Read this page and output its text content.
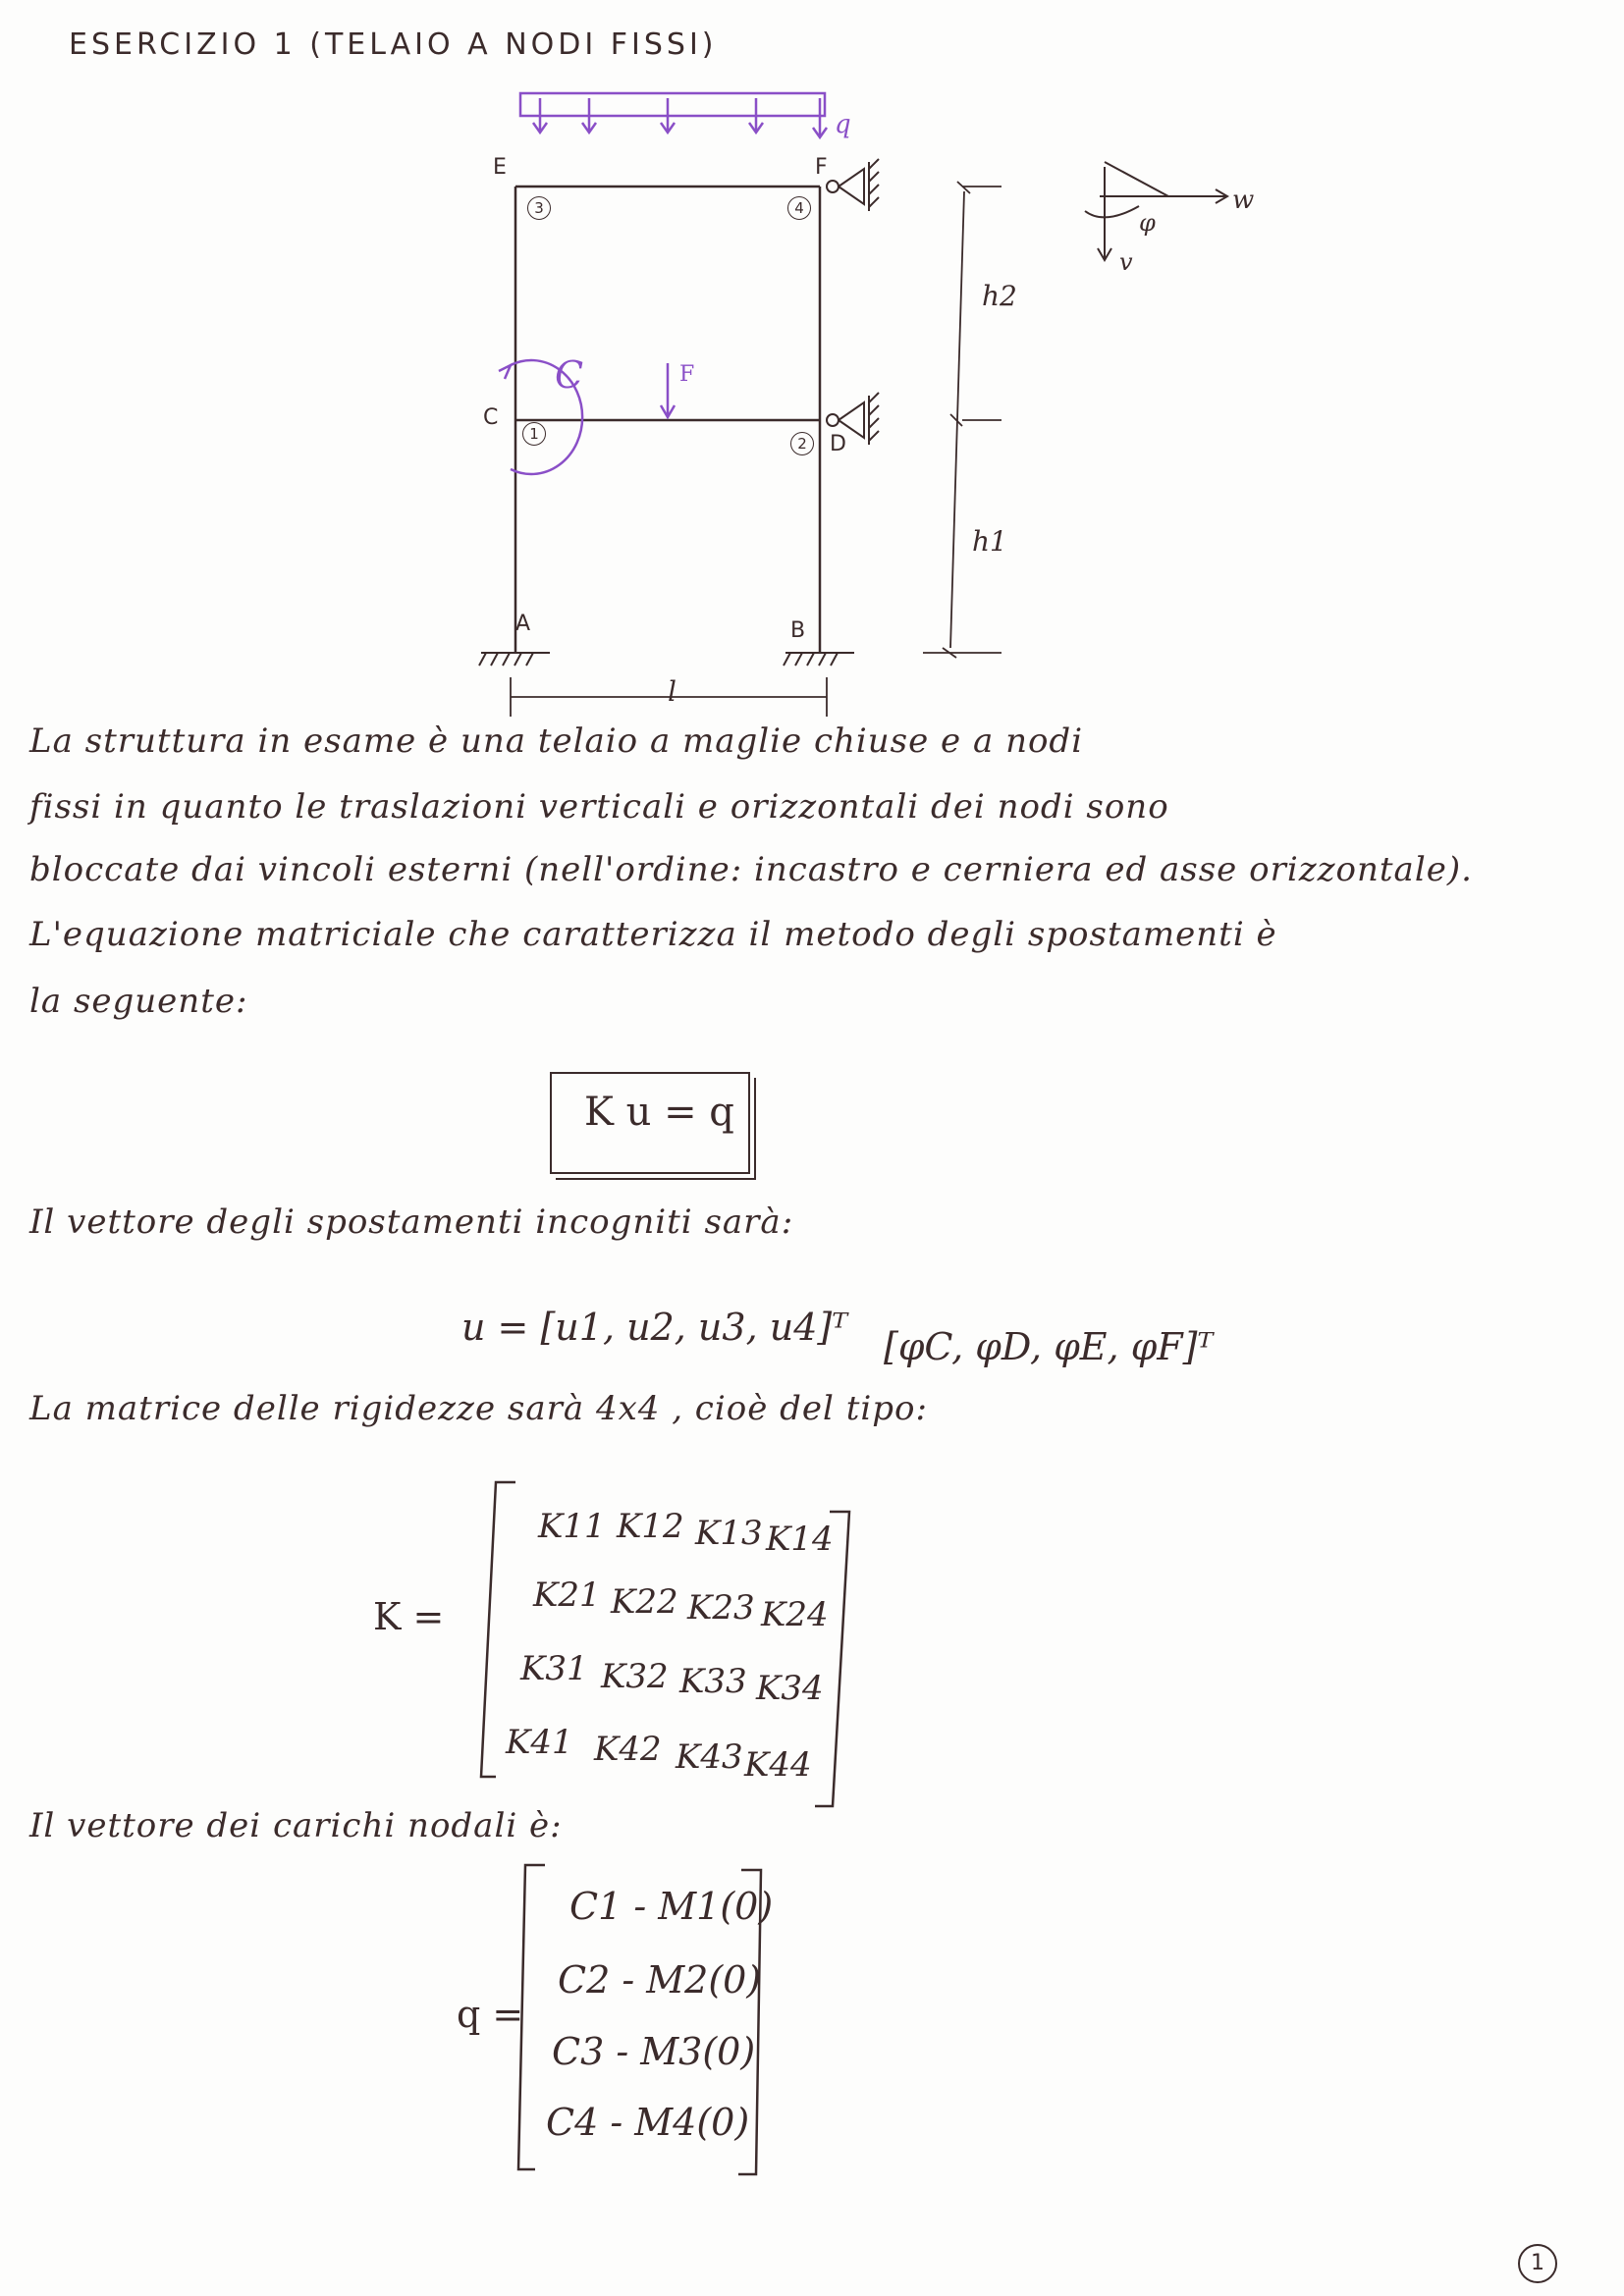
ESERCIZIO 1 (TELAIO A NODI FISSI)
q
F
C
w
v
φ
E	F
C
D
A	B
3	4
1
2
h2
h1
l
La struttura in esame è una telaio a maglie chiuse e a nodi
fissi in quanto le traslazioni verticali e orizzontali dei nodi sono
bloccate dai vincoli esterni (nell'ordine: incastro e cerniera ed asse orizzontale).
L'equazione matriciale che caratterizza il metodo degli spostamenti è
la seguente:
K u = q
Il vettore degli spostamenti incogniti sarà:
u = [u1, u2, u3, u4]ᵀ [φC, φD, φE, φF]ᵀ
La matrice delle rigidezze sarà 4x4 , cioè del tipo:
K =
K11 K12 K13 K14
K21 K22 K23 K24
K31 K32 K33 K34
K41 K42 K43 K44
Il vettore dei carichi nodali è:
q =
C1 - M1(0)
C2 - M2(0)
C3 - M3(0)
C4 - M4(0)
1
